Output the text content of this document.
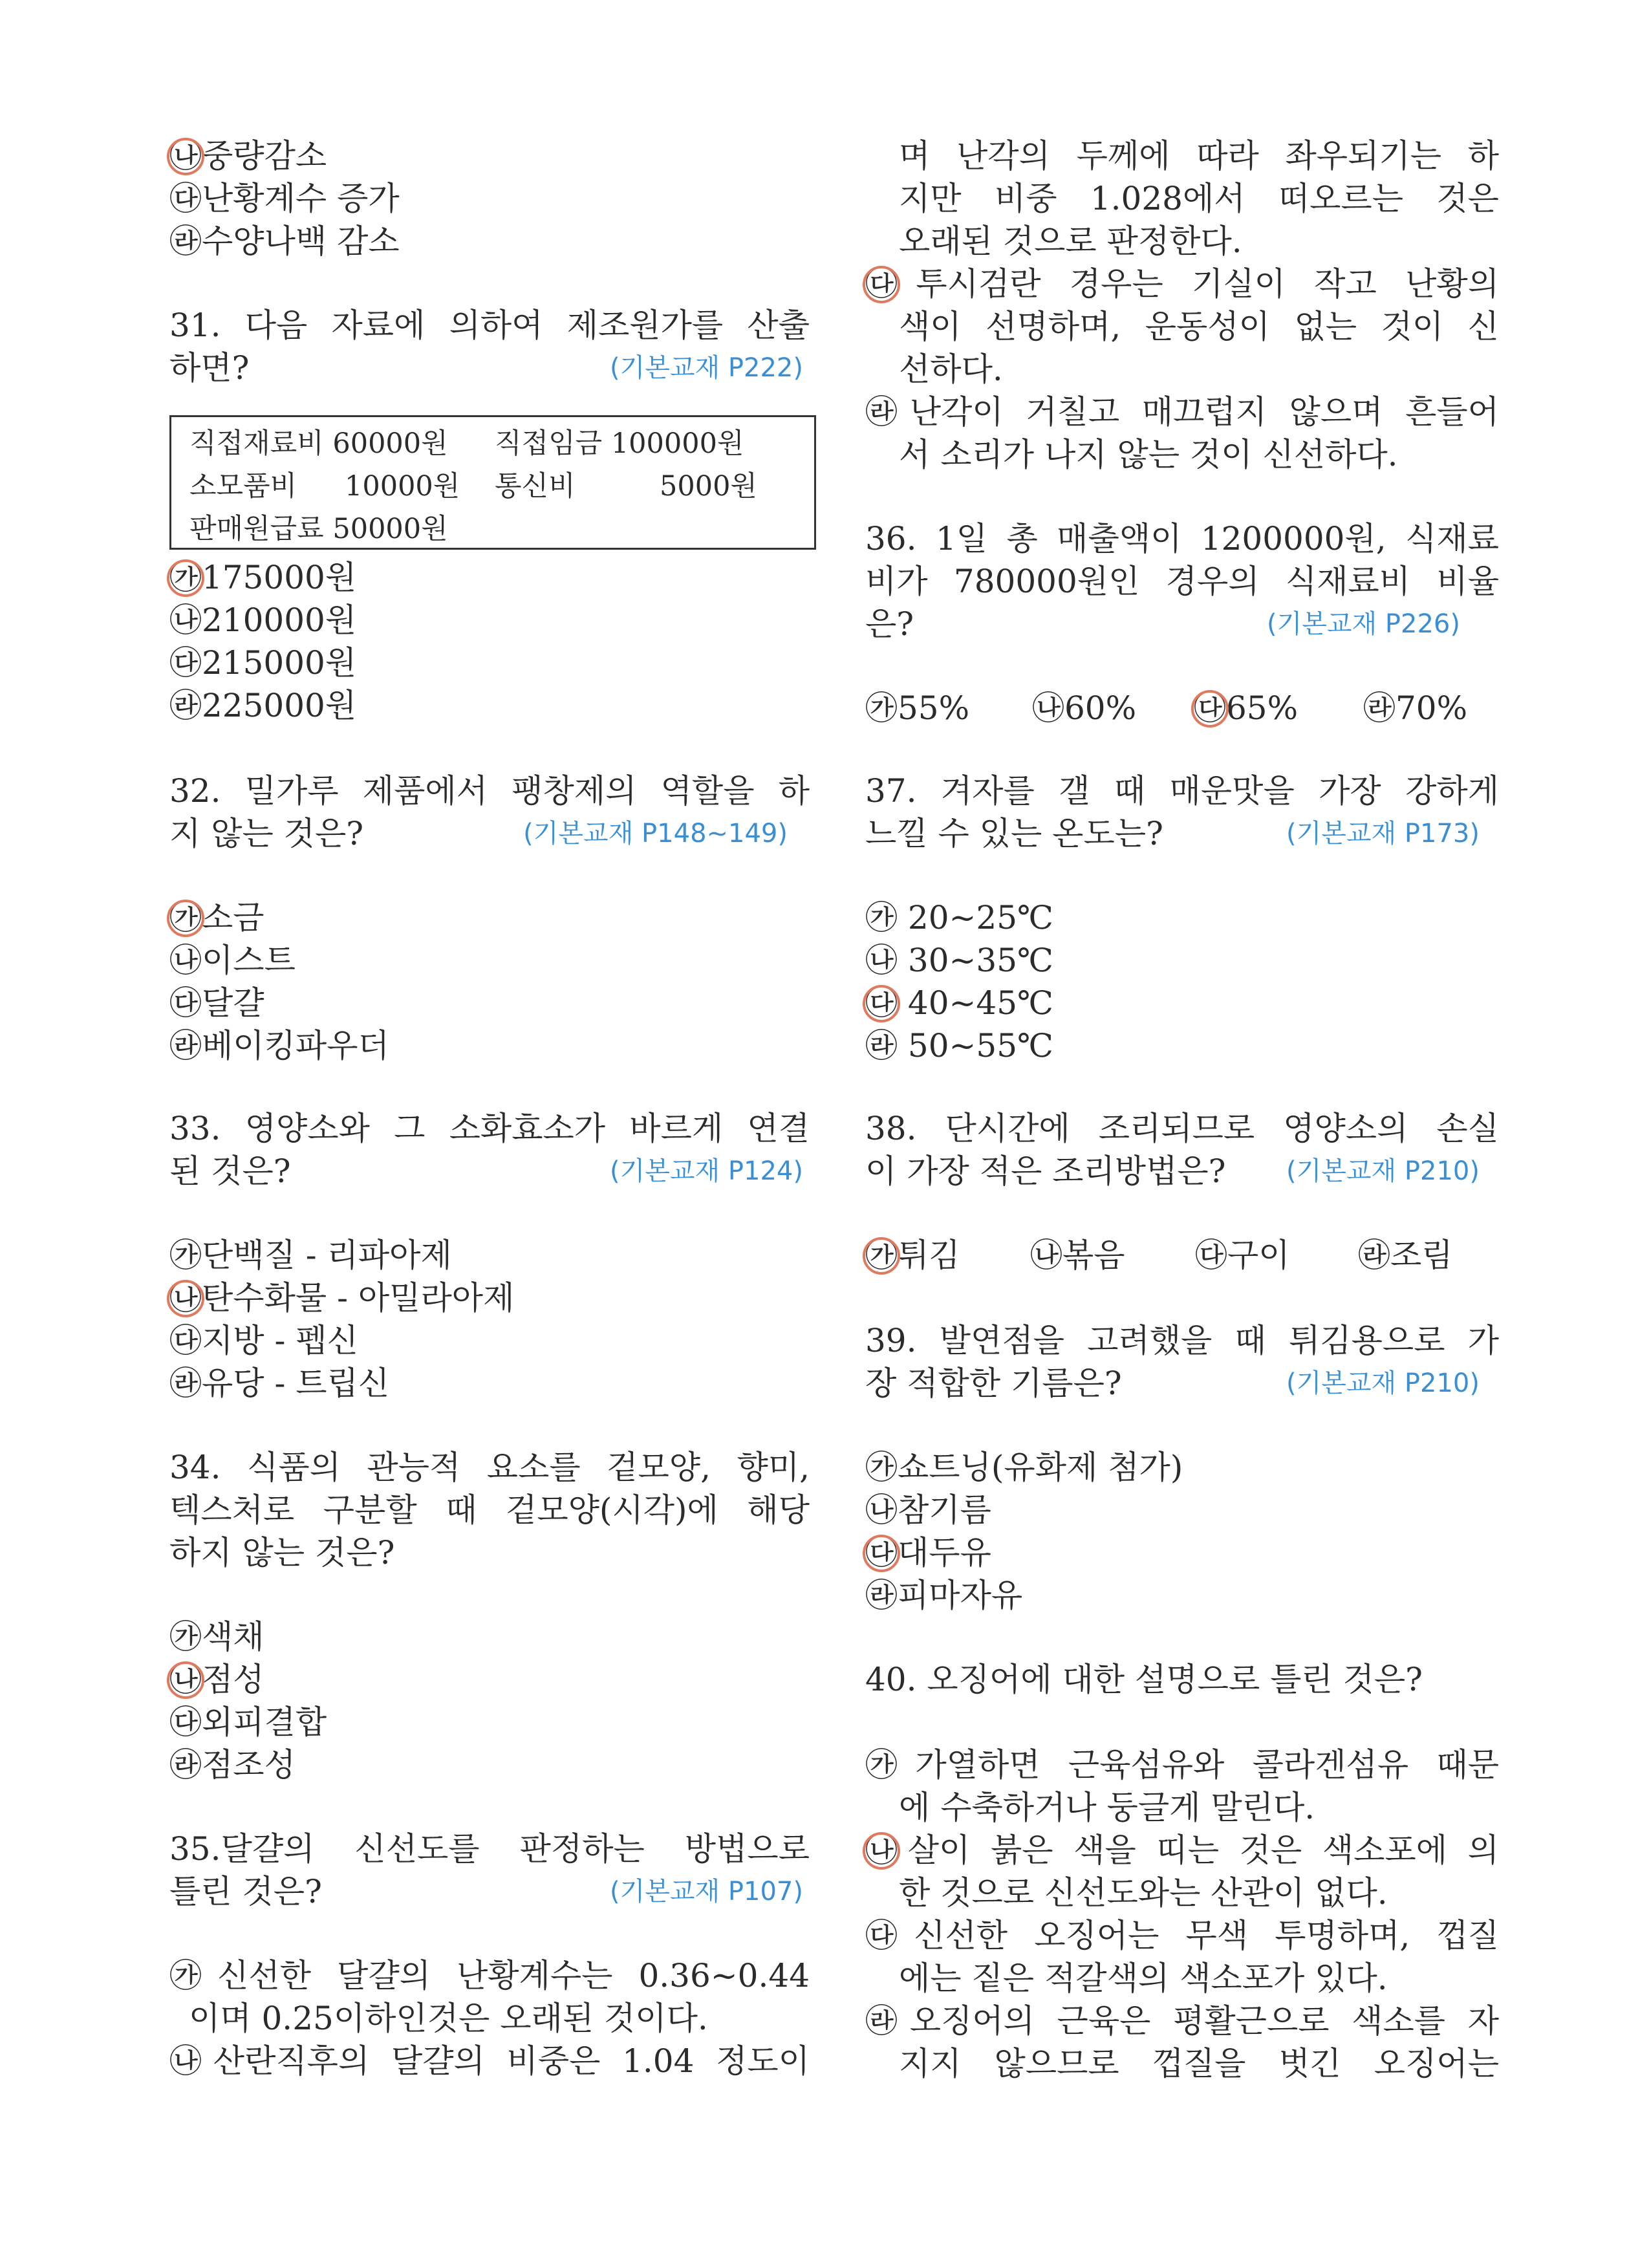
㉯중량감소
㉰난황계수 증가
㉱수양나백 감소
31. 다음 자료에 의하여 제조원가를 산출
하면?	(기본교재 P222)
직접재료비 60000원	직접임금 100000원
소모품비	10000원	통신비	5000원
판매원급료 50000원
㉮175000원
㉯210000원
㉰215000원
㉱225000원
32. 밀가루 제품에서 팽창제의 역할을 하
지 않는 것은?	(기본교재 P148~149)
㉮소금
㉯이스트
㉰달걀
㉱베이킹파우더
33. 영양소와 그 소화효소가 바르게 연결
된 것은?	(기본교재 P124)
㉮단백질 - 리파아제
㉯탄수화물 - 아밀라아제
㉰지방 - 펩신
㉱유당 - 트립신
34. 식품의 관능적 요소를 겉모양, 향미,
텍스처로 구분할 때 겉모양(시각)에 해당
하지 않는 것은?
㉮색채
㉯점성
㉰외피결합
㉱점조성
35.달걀의 신선도를 판정하는 방법으로
틀린 것은?	(기본교재 P107)
㉮신선한 달걀의 난황계수는 0.36~0.44
이며 0.25이하인것은 오래된 것이다.
㉯산란직후의 달걀의 비중은 1.04 정도이
며 난각의 두께에 따라 좌우되기는 하
지만 비중 1.028에서 떠오르는 것은
오래된 것으로 판정한다.
㉰투시검란 경우는 기실이 작고 난황의
색이 선명하며, 운동성이 없는 것이 신
선하다.
㉱난각이 거칠고 매끄럽지 않으며 흔들어
서 소리가 나지 않는 것이 신선하다.
36. 1일 총 매출액이 1200000원, 식재료
비가 780000원인 경우의 식재료비 비율
은?	(기본교재 P226)
㉮55% ㉯60% ㉰65% ㉱70%
37. 겨자를 갤 때 매운맛을 가장 강하게
느낄 수 있는 온도는?	(기본교재 P173)
㉮ 20~25℃
㉯ 30~35℃
㉰ 40~45℃
㉱ 50~55℃
38. 단시간에 조리되므로 영양소의 손실
이 가장 적은 조리방법은?	(기본교재 P210)
㉮튀김 ㉯볶음 ㉰구이 ㉱조림
39. 발연점을 고려했을 때 튀김용으로 가
장 적합한 기름은?	(기본교재 P210)
㉮쇼트닝(유화제 첨가)
㉯참기름
㉰대두유
㉱피마자유
40. 오징어에 대한 설명으로 틀린 것은?
㉮가열하면 근육섬유와 콜라겐섬유 때문
에 수축하거나 둥글게 말린다.
㉯살이 붉은 색을 띠는 것은 색소포에 의
한 것으로 신선도와는 산관이 없다.
㉰신선한 오징어는 무색 투명하며, 껍질
에는 짙은 적갈색의 색소포가 있다.
㉱오징어의 근육은 평활근으로 색소를 자
지지 않으므로 껍질을 벗긴 오징어는
